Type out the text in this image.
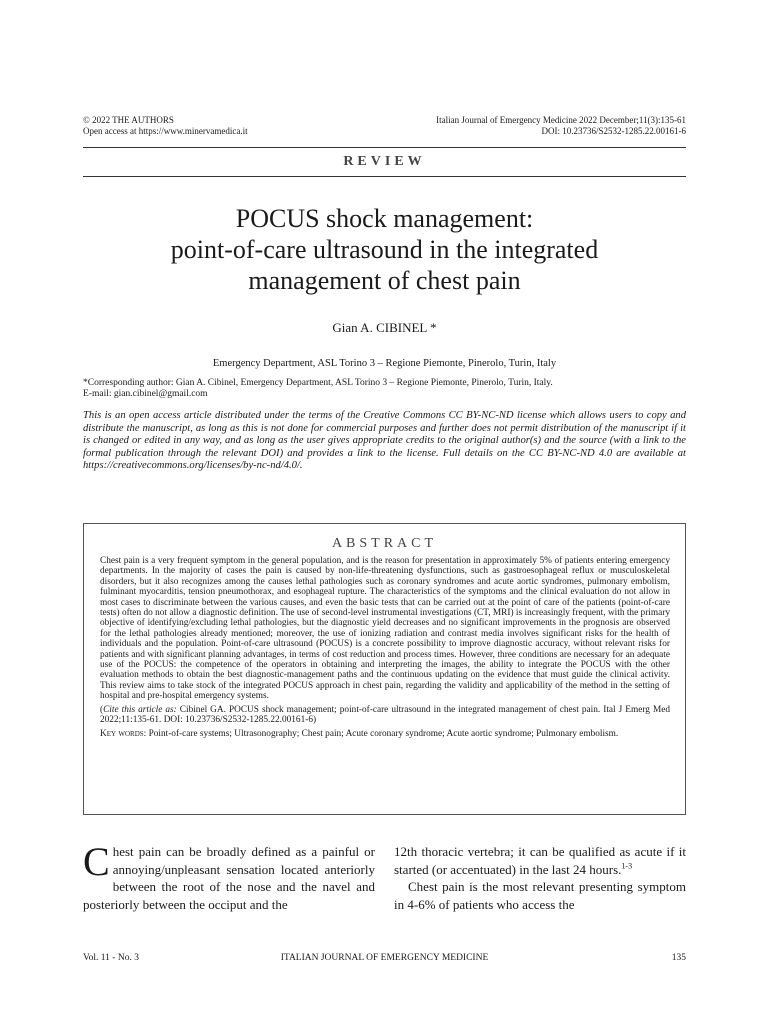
© 2022 THE AUTHORS
Open access at https://www.minervamedica.it
Italian Journal of Emergency Medicine 2022 December;11(3):135-61
DOI: 10.23736/S2532-1285.22.00161-6
REVIEW
POCUS shock management:
point-of-care ultrasound in the integrated
management of chest pain
Gian A. CIBINEL *
Emergency Department, ASL Torino 3 – Regione Piemonte, Pinerolo, Turin, Italy
*Corresponding author: Gian A. Cibinel, Emergency Department, ASL Torino 3 – Regione Piemonte, Pinerolo, Turin, Italy.
E-mail: gian.cibinel@gmail.com
This is an open access article distributed under the terms of the Creative Commons CC BY-NC-ND license which allows users to copy and distribute the manuscript, as long as this is not done for commercial purposes and further does not permit distribution of the manuscript if it is changed or edited in any way, and as long as the user gives appropriate credits to the original author(s) and the source (with a link to the formal publication through the relevant DOI) and provides a link to the license. Full details on the CC BY-NC-ND 4.0 are available at https://creativecommons.org/licenses/by-nc-nd/4.0/.
ABSTRACT

Chest pain is a very frequent symptom in the general population, and is the reason for presentation in approximately 5% of patients entering emergency departments. In the majority of cases the pain is caused by non-life-threatening dysfunctions, such as gastroesophageal reflux or musculoskeletal disorders, but it also recognizes among the causes lethal pathologies such as coronary syndromes and acute aortic syndromes, pulmonary embolism, fulminant myocarditis, tension pneumothorax, and esophageal rupture. The characteristics of the symptoms and the clinical evaluation do not allow in most cases to discriminate between the various causes, and even the basic tests that can be carried out at the point of care of the patients (point-of-care tests) often do not allow a diagnostic definition. The use of second-level instrumental investigations (CT, MRI) is increasingly frequent, with the primary objective of identifying/excluding lethal pathologies, but the diagnostic yield decreases and no significant improvements in the prognosis are observed for the lethal pathologies already mentioned; moreover, the use of ionizing radiation and contrast media involves significant risks for the health of individuals and the population. Point-of-care ultrasound (POCUS) is a concrete possibility to improve diagnostic accuracy, without relevant risks for patients and with significant planning advantages, in terms of cost reduction and process times. However, three conditions are necessary for an adequate use of the POCUS: the competence of the operators in obtaining and interpreting the images, the ability to integrate the POCUS with the other evaluation methods to obtain the best diagnostic-management paths and the continuous updating on the evidence that must guide the clinical activity. This review aims to take stock of the integrated POCUS approach in chest pain, regarding the validity and applicability of the method in the setting of hospital and pre-hospital emergency systems.

(Cite this article as: Cibinel GA. POCUS shock management; point-of-care ultrasound in the integrated management of chest pain. Ital J Emerg Med 2022;11:135-61. DOI: 10.23736/S2532-1285.22.00161-6)

Key words: Point-of-care systems; Ultrasonography; Chest pain; Acute coronary syndrome; Acute aortic syndrome; Pulmonary embolism.

Chest pain can be broadly defined as a painful or annoying/unpleasant sensation located anteriorly between the root of the nose and the navel and posteriorly between the occiput and the

12th thoracic vertebra; it can be qualified as acute if it started (or accentuated) in the last 24 hours.$^{1-3}$

Chest pain is the most relevant presenting symptom in 4-6% of patients who access the

Vol. 11 - No. 3	ITALIAN JOURNAL OF EMERGENCY MEDICINE	135
